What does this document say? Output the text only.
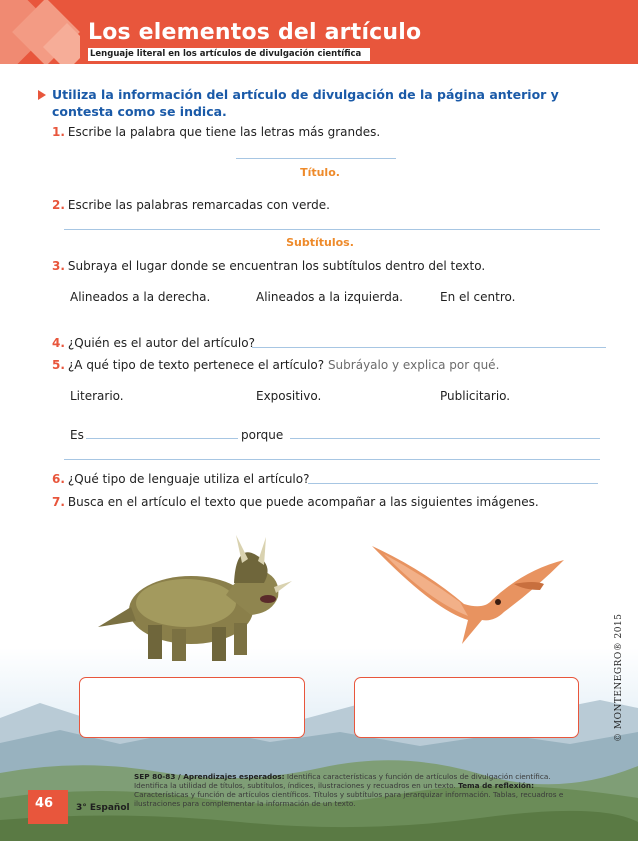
Los elementos del artículo
Lenguaje literal en los artículos de divulgación científica
Utiliza la información del artículo de divulgación de la página anterior y contesta como se indica.
1. Escribe la palabra que tiene las letras más grandes.
Título.
2. Escribe las palabras remarcadas con verde.
Subtítulos.
3. Subraya el lugar donde se encuentran los subtítulos dentro del texto.
Alineados a la derecha.	Alineados a la izquierda.	En el centro.
4. ¿Quién es el autor del artículo?
5. ¿A qué tipo de texto pertenece el artículo? Subráyalo y explica por qué.
Literario.	Expositivo.	Publicitario.
Es	porque
6. ¿Qué tipo de lenguaje utiliza el artículo?
7. Busca en el artículo el texto que puede acompañar a las siguientes imágenes.
© MONTENEGRO® 2015
46	3° Español
SEP 80-83 / Aprendizajes esperados: Identifica características y función de artículos de divulgación científica. Identifica la utilidad de títulos, subtítulos, índices, ilustraciones y recuadros en un texto. Tema de reflexión: Características y función de artículos científicos. Títulos y subtítulos para jerarquizar información. Tablas, recuadros e ilustraciones para complementar la información de un texto.
